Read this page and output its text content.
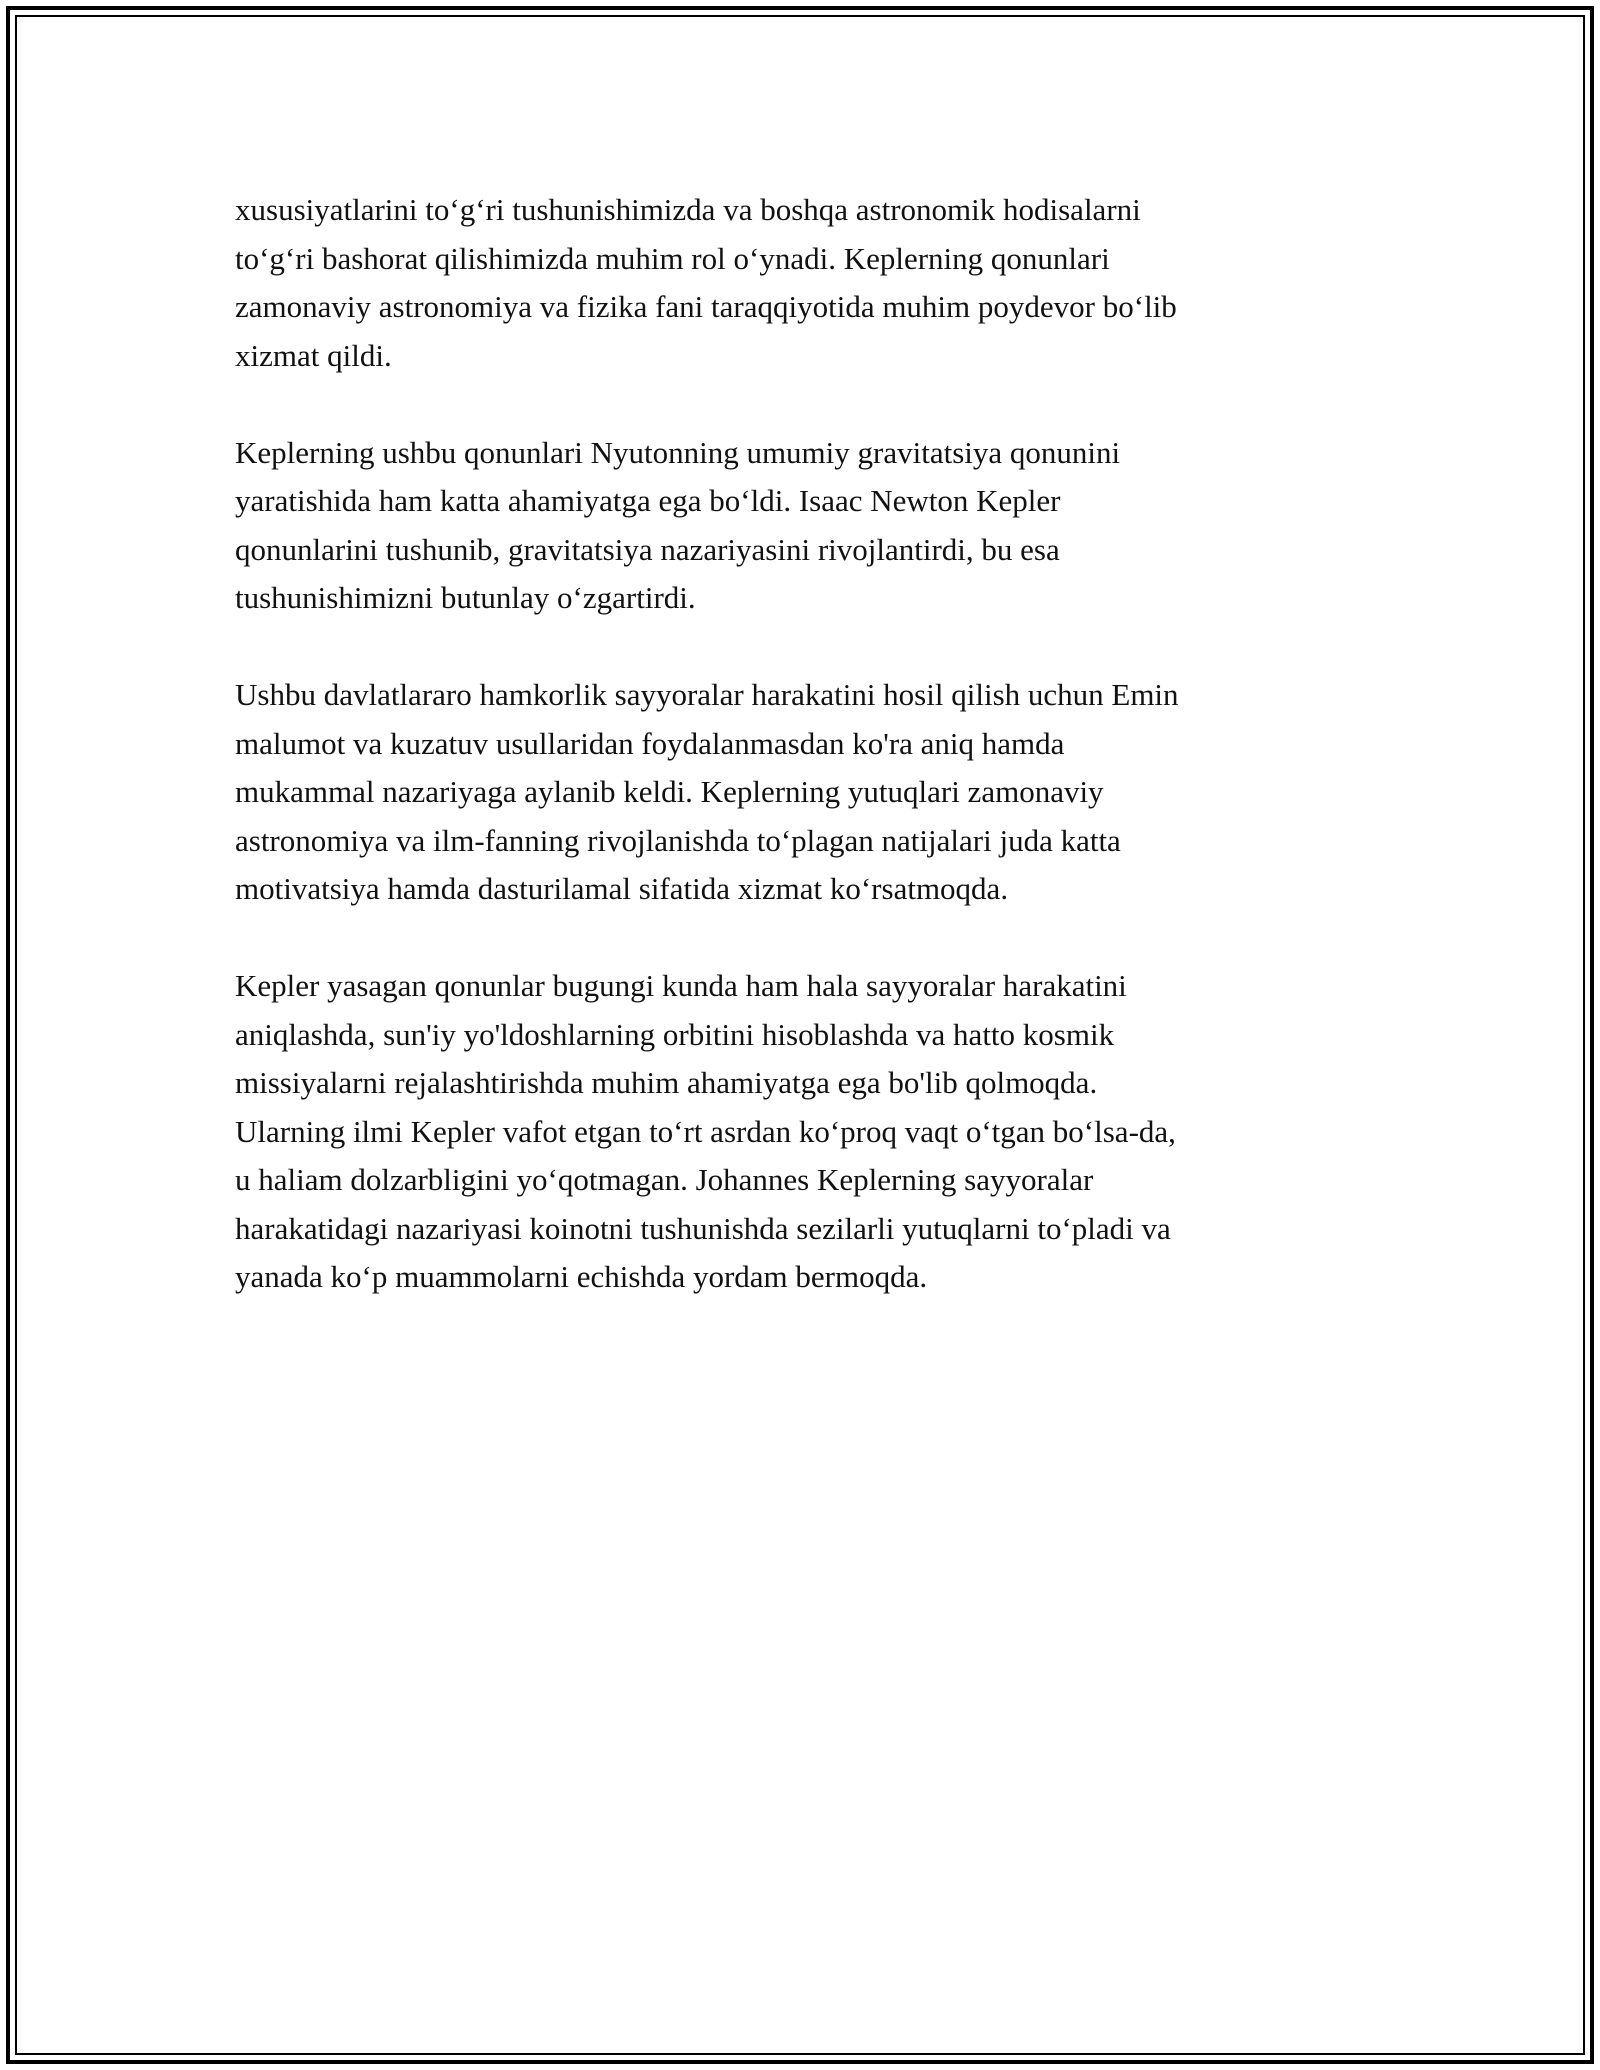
xususiyatlarini to‘g‘ri tushunishimizda va boshqa astronomik hodisalarni
to‘g‘ri bashorat qilishimizda muhim rol o‘ynadi. Keplerning qonunlari
zamonaviy astronomiya va fizika fani taraqqiyotida muhim poydevor bo‘lib
xizmat qildi.

Keplerning ushbu qonunlari Nyutonning umumiy gravitatsiya qonunini
yaratishida ham katta ahamiyatga ega bo‘ldi. Isaac Newton Kepler
qonunlarini tushunib, gravitatsiya nazariyasini rivojlantirdi, bu esa
tushunishimizni butunlay o‘zgartirdi.

Ushbu davlatlararo hamkorlik sayyoralar harakatini hosil qilish uchun Emin
malumot va kuzatuv usullaridan foydalanmasdan ko'ra aniq hamda
mukammal nazariyaga aylanib keldi. Keplerning yutuqlari zamonaviy
astronomiya va ilm-fanning rivojlanishda to‘plagan natijalari juda katta
motivatsiya hamda dasturilamal sifatida xizmat ko‘rsatmoqda.

Kepler yasagan qonunlar bugungi kunda ham hala sayyoralar harakatini
aniqlashda, sun'iy yo'ldoshlarning orbitini hisoblashda va hatto kosmik
missiyalarni rejalashtirishda muhim ahamiyatga ega bo'lib qolmoqda.
Ularning ilmi Kepler vafot etgan to‘rt asrdan ko‘proq vaqt o‘tgan bo‘lsa-da,
u haliam dolzarbligini yo‘qotmagan. Johannes Keplerning sayyoralar
harakatidagi nazariyasi koinotni tushunishda sezilarli yutuqlarni to‘pladi va
yanada ko‘p muammolarni echishda yordam bermoqda.
